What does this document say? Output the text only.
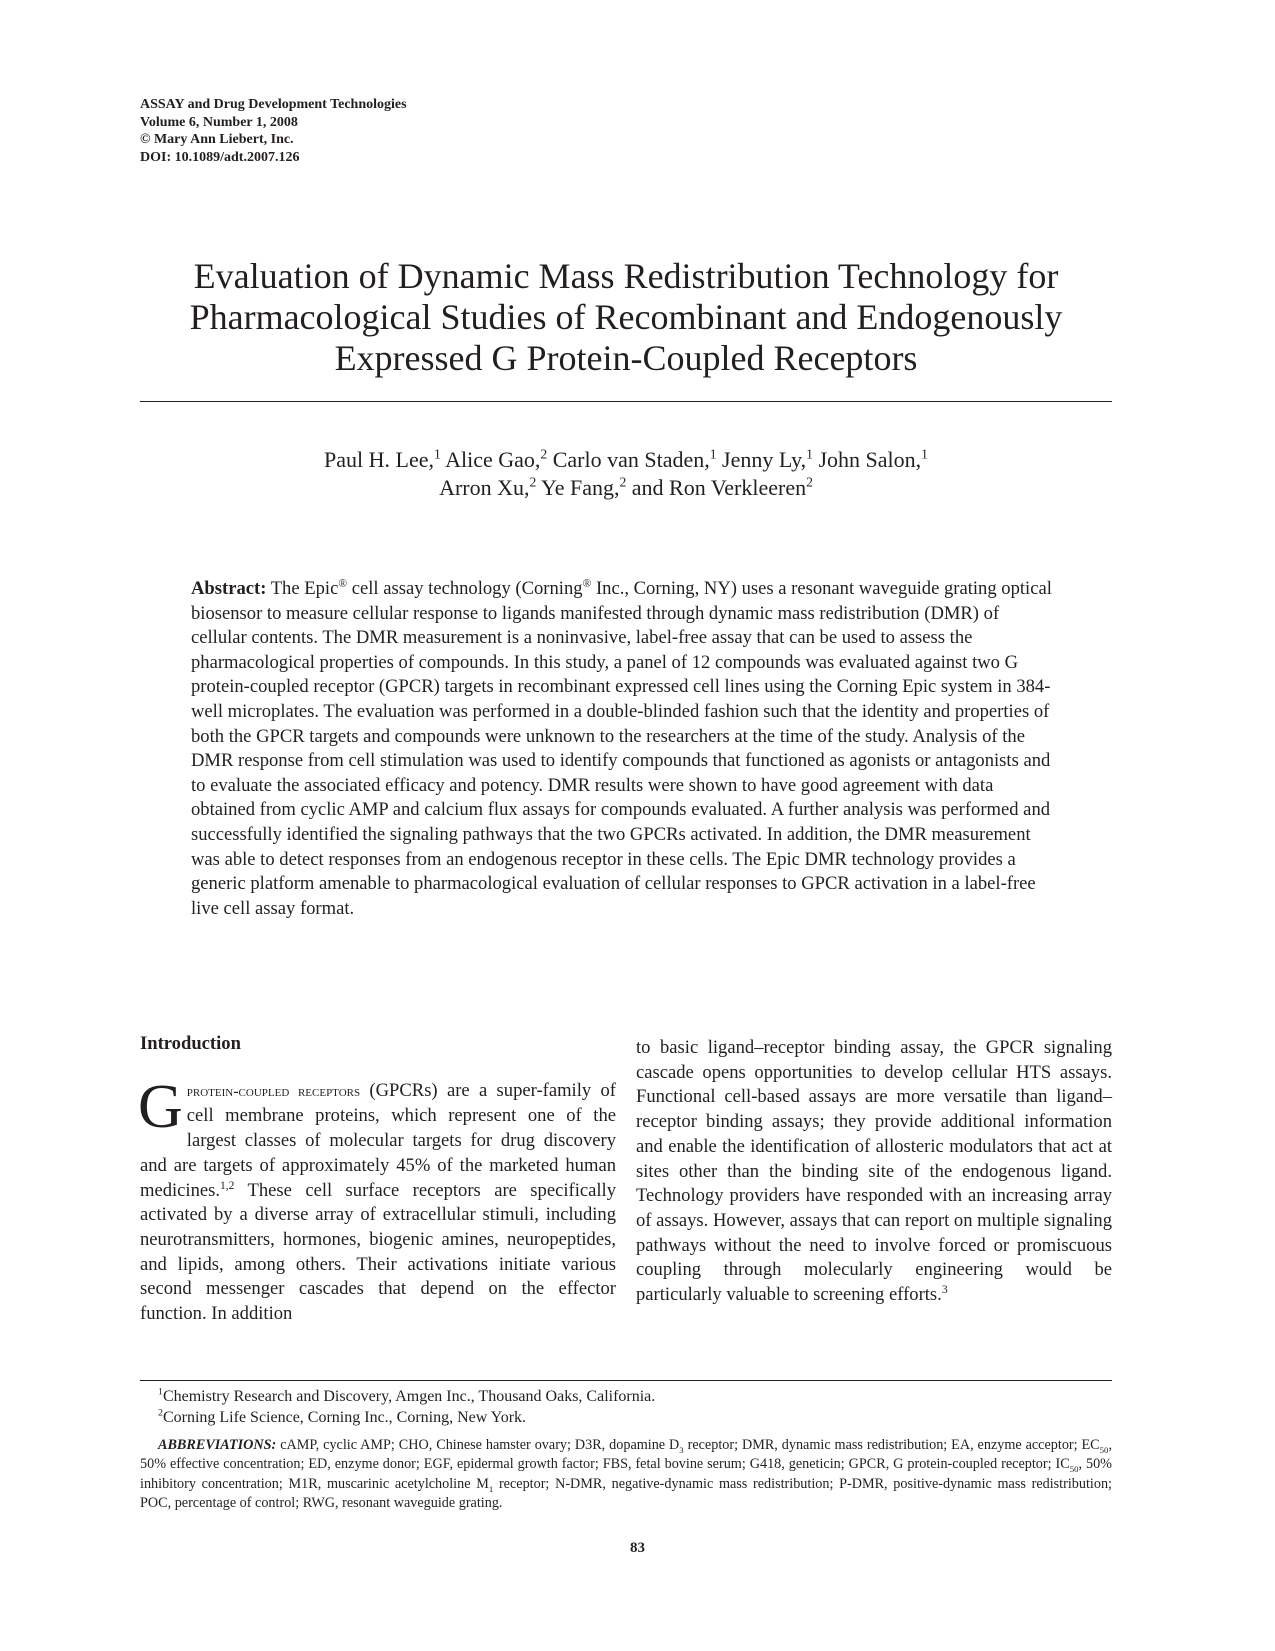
ASSAY and Drug Development Technologies
Volume 6, Number 1, 2008
© Mary Ann Liebert, Inc.
DOI: 10.1089/adt.2007.126
Evaluation of Dynamic Mass Redistribution Technology for
Pharmacological Studies of Recombinant and Endogenously
Expressed G Protein-Coupled Receptors
Paul H. Lee,$^1$ Alice Gao,$^2$ Carlo van Staden,$^1$ Jenny Ly,$^1$ John Salon,$^1$
Arron Xu,$^2$ Ye Fang,$^2$ and Ron Verkleeren$^2$
Abstract: The Epic® cell assay technology (Corning® Inc., Corning, NY) uses a resonant waveguide grating optical biosensor to measure cellular response to ligands manifested through dynamic mass redistribution (DMR) of cellular contents. The DMR measurement is a noninvasive, label-free assay that can be used to assess the pharmacological properties of compounds. In this study, a panel of 12 compounds was evaluated against two G protein-coupled receptor (GPCR) targets in recombinant expressed cell lines using the Corning Epic system in 384-well microplates. The evaluation was performed in a double-blinded fashion such that the identity and properties of both the GPCR targets and compounds were unknown to the researchers at the time of the study. Analysis of the DMR response from cell stimulation was used to identify compounds that functioned as agonists or antagonists and to evaluate the associated efficacy and potency. DMR results were shown to have good agreement with data obtained from cyclic AMP and calcium flux assays for compounds evaluated. A further analysis was performed and successfully identified the signaling pathways that the two GPCRs activated. In addition, the DMR measurement was able to detect responses from an endogenous receptor in these cells. The Epic DMR technology provides a generic platform amenable to pharmacological evaluation of cellular responses to GPCR activation in a label-free live cell assay format.
Introduction
G protein-coupled receptors (GPCRs) are a super-family of cell membrane proteins, which represent one of the largest classes of molecular targets for drug discovery and are targets of approximately 45% of the marketed human medicines.$^{1,2}$ These cell surface receptors are specifically activated by a diverse array of extracellular stimuli, including neurotransmitters, hormones, biogenic amines, neuropeptides, and lipids, among others. Their activations initiate various second messenger cascades that depend on the effector function. In addition
to basic ligand–receptor binding assay, the GPCR signaling cascade opens opportunities to develop cellular HTS assays. Functional cell-based assays are more versatile than ligand–receptor binding assays; they provide additional information and enable the identification of allosteric modulators that act at sites other than the binding site of the endogenous ligand. Technology providers have responded with an increasing array of assays. However, assays that can report on multiple signaling pathways without the need to involve forced or promiscuous coupling through molecularly engineering would be particularly valuable to screening efforts.$^3$
$^1$Chemistry Research and Discovery, Amgen Inc., Thousand Oaks, California.
$^2$Corning Life Science, Corning Inc., Corning, New York.
ABBREVIATIONS: cAMP, cyclic AMP; CHO, Chinese hamster ovary; D3R, dopamine $D_3$ receptor; DMR, dynamic mass redistribution; EA, enzyme acceptor; $EC_{50}$, 50% effective concentration; ED, enzyme donor; EGF, epidermal growth factor; FBS, fetal bovine serum; G418, geneticin; GPCR, G protein-coupled receptor; $IC_{50}$, 50% inhibitory concentration; M1R, muscarinic acetylcholine $M_1$ receptor; N-DMR, negative-dynamic mass redistribution; P-DMR, positive-dynamic mass redistribution; POC, percentage of control; RWG, resonant waveguide grating.
83
